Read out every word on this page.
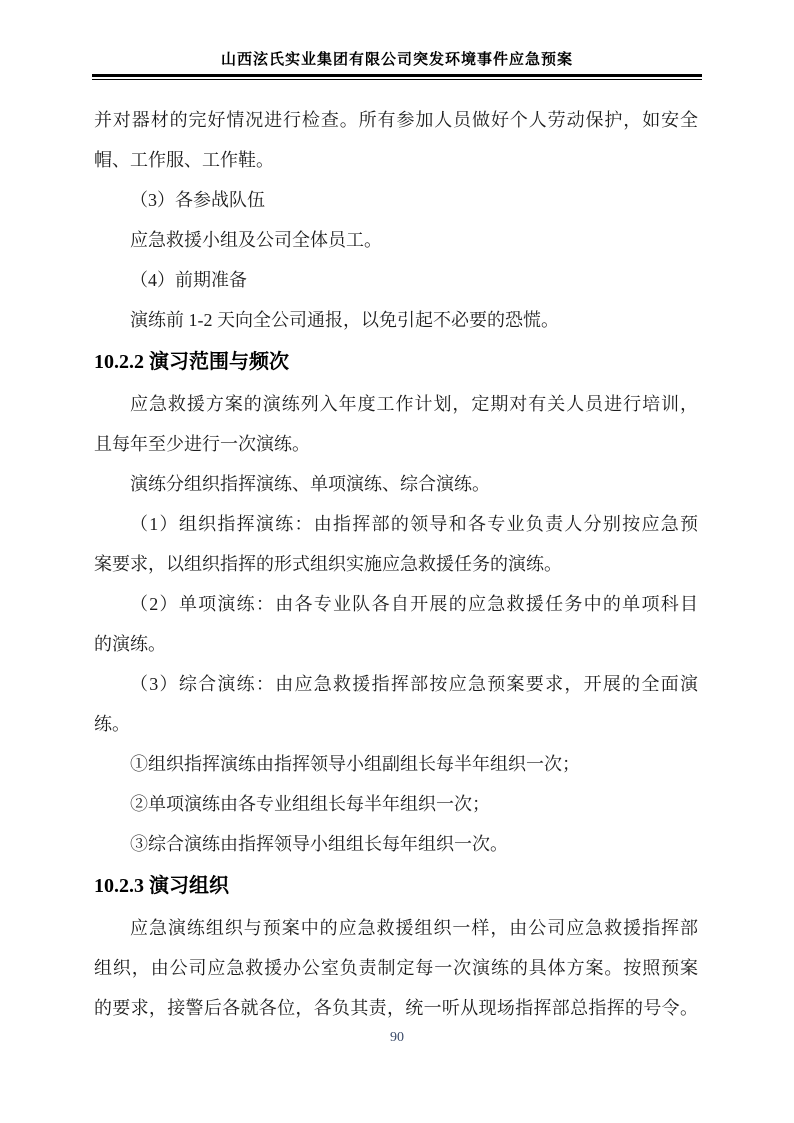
山西泫氏实业集团有限公司突发环境事件应急预案
并对器材的完好情况进行检查。所有参加人员做好个人劳动保护，如安全
帽、工作服、工作鞋。
（3）各参战队伍
应急救援小组及公司全体员工。
（4）前期准备
演练前 1-2 天向全公司通报，以免引起不必要的恐慌。
10.2.2 演习范围与频次
应急救援方案的演练列入年度工作计划，定期对有关人员进行培训，
且每年至少进行一次演练。
演练分组织指挥演练、单项演练、综合演练。
（1）组织指挥演练：由指挥部的领导和各专业负责人分别按应急预
案要求，以组织指挥的形式组织实施应急救援任务的演练。
（2）单项演练：由各专业队各自开展的应急救援任务中的单项科目
的演练。
（3）综合演练：由应急救援指挥部按应急预案要求，开展的全面演
练。
①组织指挥演练由指挥领导小组副组长每半年组织一次；
②单项演练由各专业组组长每半年组织一次；
③综合演练由指挥领导小组组长每年组织一次。
10.2.3 演习组织
应急演练组织与预案中的应急救援组织一样，由公司应急救援指挥部
组织，由公司应急救援办公室负责制定每一次演练的具体方案。按照预案
的要求，接警后各就各位，各负其责，统一听从现场指挥部总指挥的号令。
90
